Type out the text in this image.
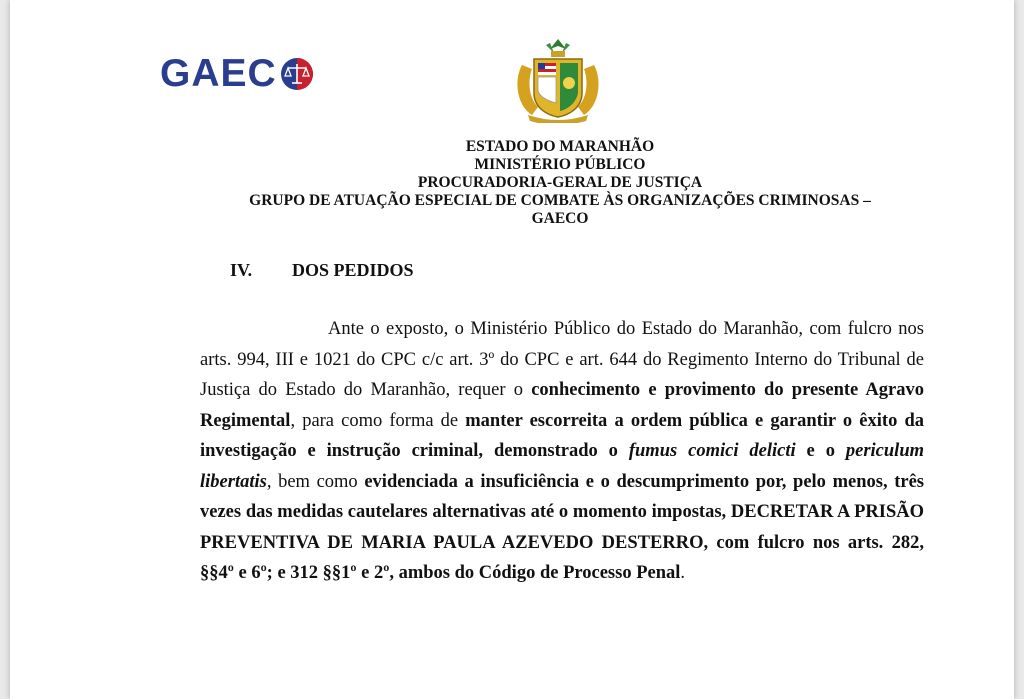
GAEC
ESTADO DO MARANHÃO
MINISTÉRIO PÚBLICO
PROCURADORIA-GERAL DE JUSTIÇA
GRUPO DE ATUAÇÃO ESPECIAL DE COMBATE ÀS ORGANIZAÇÕES CRIMINOSAS –
GAECO
IV. DOS PEDIDOS
Ante o exposto, o Ministério Público do Estado do Maranhão, com fulcro nos arts. 994, III e 1021 do CPC c/c art. 3º do CPC e art. 644 do Regimento Interno do Tribunal de Justiça do Estado do Maranhão, requer o conhecimento e provimento do presente Agravo Regimental, para como forma de manter escorreita a ordem pública e garantir o êxito da investigação e instrução criminal, demonstrado o fumus comici delicti e o periculum libertatis, bem como evidenciada a insuficiência e o descumprimento por, pelo menos, três vezes das medidas cautelares alternativas até o momento impostas, DECRETAR A PRISÃO PREVENTIVA DE MARIA PAULA AZEVEDO DESTERRO, com fulcro nos arts. 282, §§4º e 6º; e 312 §§1º e 2º, ambos do Código de Processo Penal.
